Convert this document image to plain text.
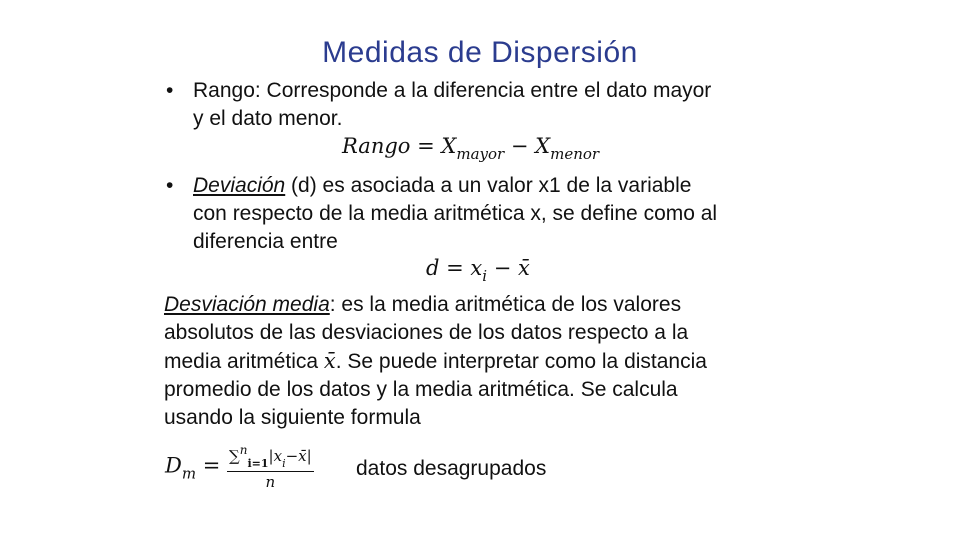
Medidas de Dispersión
• Rango: Corresponde a la diferencia entre el dato mayor
y el dato menor.
Rango = $X_{mayor} - X_{menor}$
• Deviación (d) es asociada a un valor x1 de la variable
con respecto de la media aritmética x, se define como al
diferencia entre
$d = x_i$ − x̄
Desviación media: es la media aritmética de los valores
absolutos de las desviaciones de los datos respecto a la
media aritmética x̄. Se puede interpretar como la distancia
promedio de los datos y la media aritmética. Se calcula
usando la siguiente formula
$D_m = \frac{\sum^n_{i=1}|x_i-x̄|}{n}$ datos desagrupados
